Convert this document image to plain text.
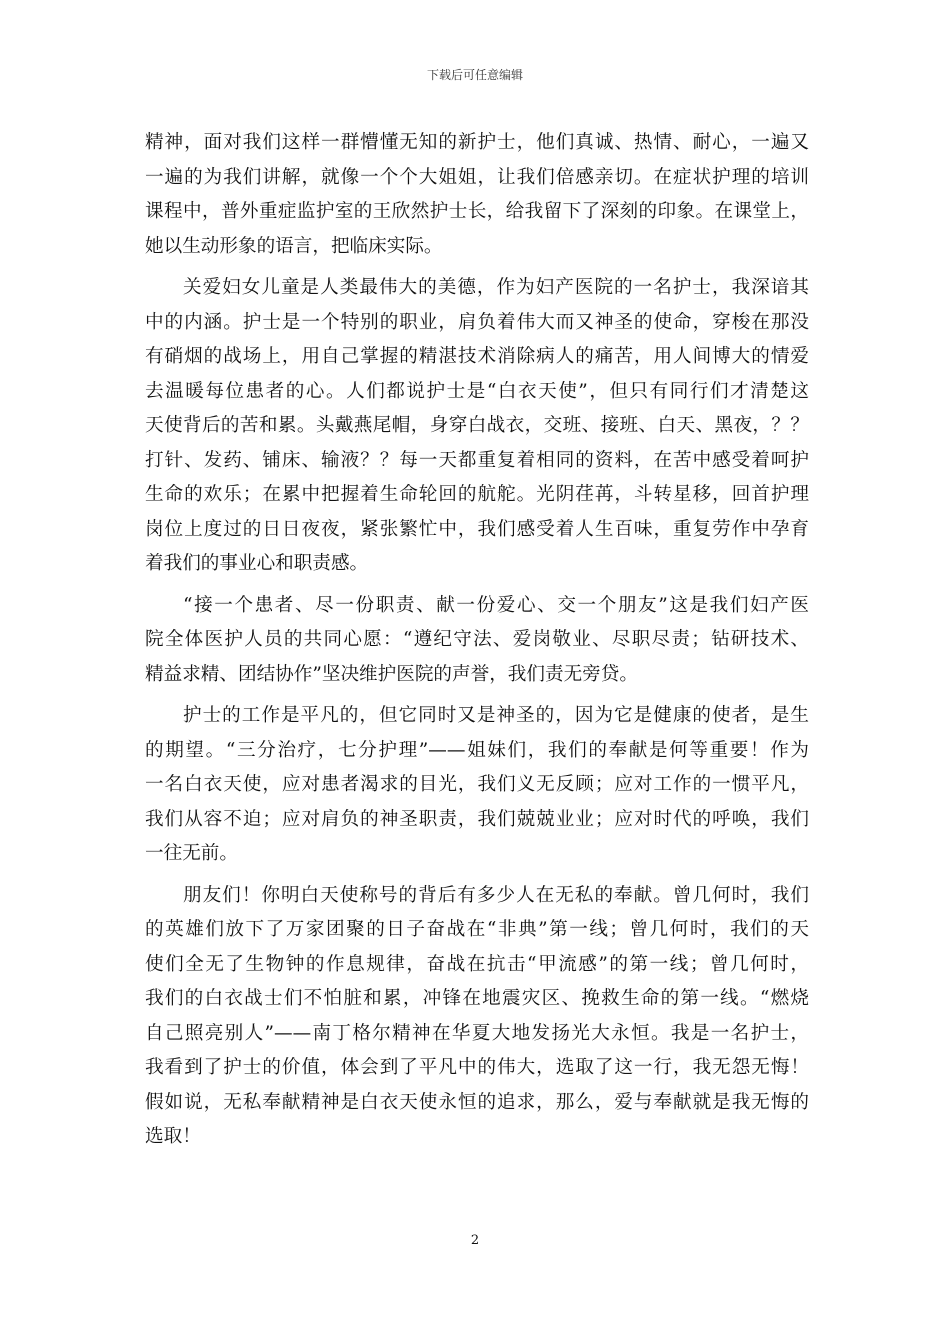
下载后可任意编辑
精神，面对我们这样一群懵懂无知的新护士，他们真诚、热情、耐心，一遍又
一遍的为我们讲解，就像一个个大姐姐，让我们倍感亲切。在症状护理的培训
课程中，普外重症监护室的王欣然护士长，给我留下了深刻的印象。在课堂上，
她以生动形象的语言，把临床实际。
关爱妇女儿童是人类最伟大的美德，作为妇产医院的一名护士，我深谙其
中的内涵。护士是一个特别的职业，肩负着伟大而又神圣的使命，穿梭在那没
有硝烟的战场上，用自己掌握的精湛技术消除病人的痛苦，用人间博大的情爱
去温暖每位患者的心。人们都说护士是“白衣天使”，但只有同行们才清楚这
天使背后的苦和累。头戴燕尾帽，身穿白战衣，交班、接班、白天、黑夜，？？
打针、发药、铺床、输液？？每一天都重复着相同的资料，在苦中感受着呵护
生命的欢乐；在累中把握着生命轮回的航舵。光阴荏苒，斗转星移，回首护理
岗位上度过的日日夜夜，紧张繁忙中，我们感受着人生百味，重复劳作中孕育
着我们的事业心和职责感。
“接一个患者、尽一份职责、献一份爱心、交一个朋友”这是我们妇产医
院全体医护人员的共同心愿：“遵纪守法、爱岗敬业、尽职尽责；钻研技术、
精益求精、团结协作”坚决维护医院的声誉，我们责无旁贷。
护士的工作是平凡的，但它同时又是神圣的，因为它是健康的使者，是生
的期望。“三分治疗，七分护理”——姐妹们，我们的奉献是何等重要！作为
一名白衣天使，应对患者渴求的目光，我们义无反顾；应对工作的一惯平凡，
我们从容不迫；应对肩负的神圣职责，我们兢兢业业；应对时代的呼唤，我们
一往无前。
朋友们！你明白天使称号的背后有多少人在无私的奉献。曾几何时，我们
的英雄们放下了万家团聚的日子奋战在“非典”第一线；曾几何时，我们的天
使们全无了生物钟的作息规律，奋战在抗击“甲流感”的第一线；曾几何时，
我们的白衣战士们不怕脏和累，冲锋在地震灾区、挽救生命的第一线。“燃烧
自己照亮别人”——南丁格尔精神在华夏大地发扬光大永恒。我是一名护士，
我看到了护士的价值，体会到了平凡中的伟大，选取了这一行，我无怨无悔！
假如说，无私奉献精神是白衣天使永恒的追求，那么，爱与奉献就是我无悔的
选取！
2
